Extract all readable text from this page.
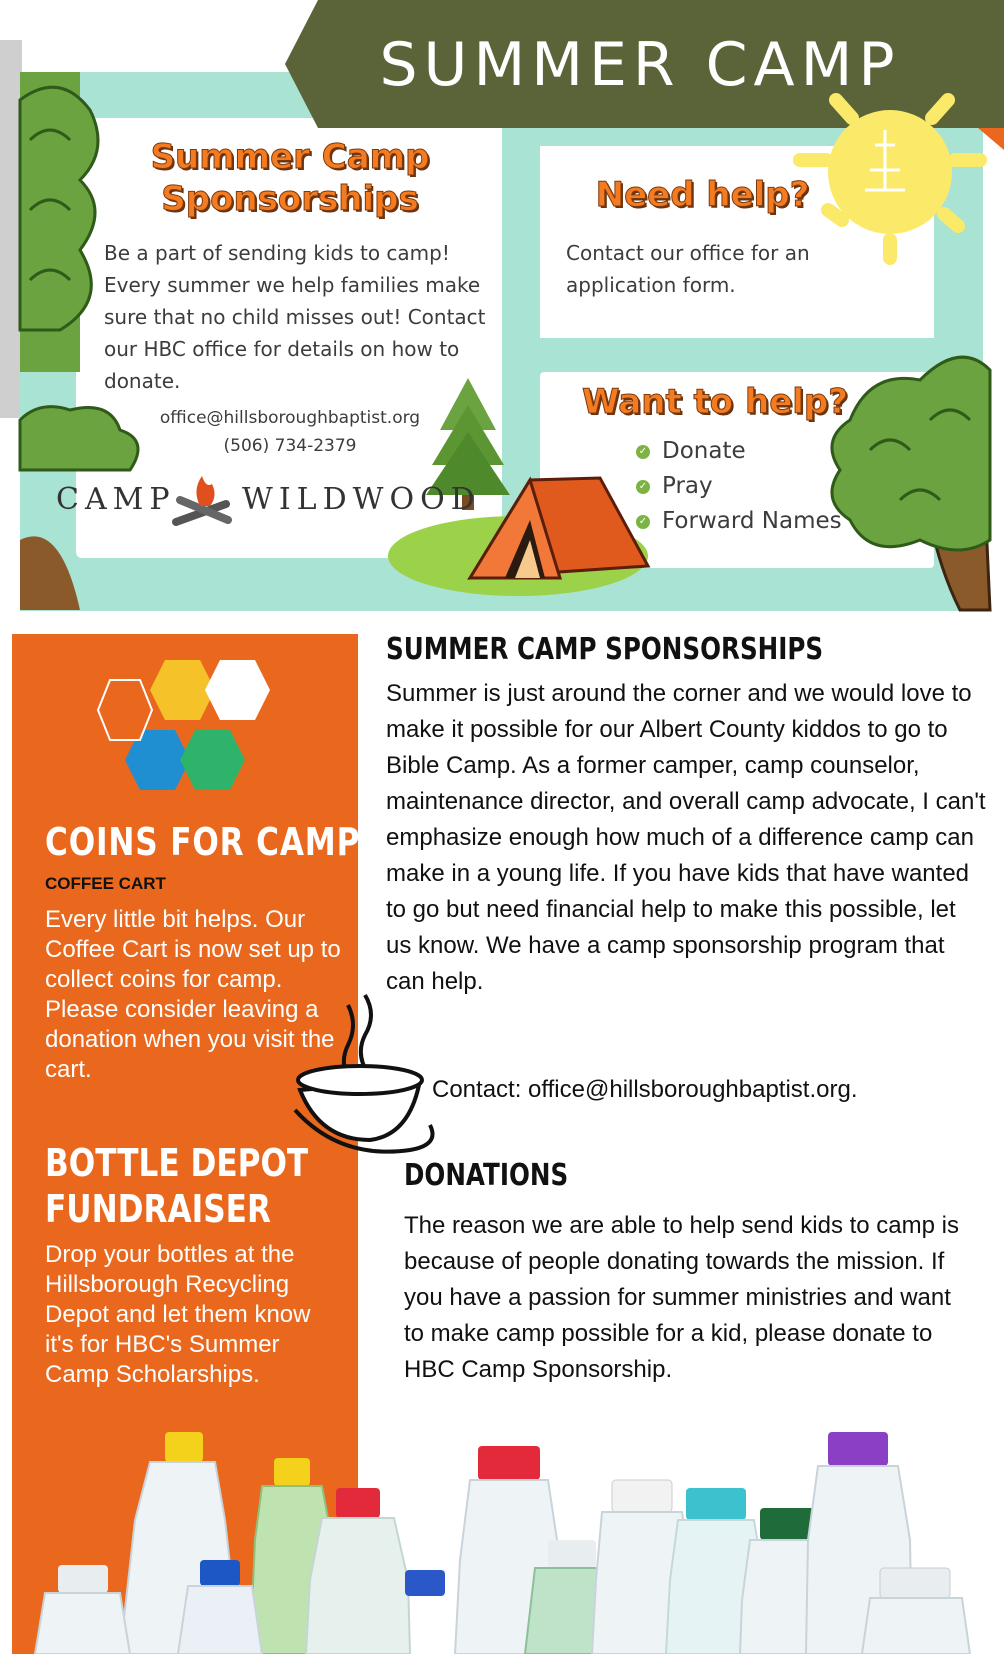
SUMMER CAMP
Summer Camp
Sponsorships
Be a part of sending kids to camp! Every summer we help families make sure that no child misses out! Contact our HBC office for details on how to donate.
office@hillsboroughbaptist.org
(506) 734-2379
Need help?
Contact our office for an application form.
Want to help?
✓ Donate
✓ Pray
✓ Forward Names
CAMP WILDWOOD
COINS FOR CAMP
COFFEE CART
Every little bit helps. Our Coffee Cart is now set up to collect coins for camp. Please consider leaving a donation when you visit the cart.
BOTTLE DEPOT
FUNDRAISER
Drop your bottles at the Hillsborough Recycling Depot and let them know it's for HBC's Summer Camp Scholarships.
SUMMER CAMP SPONSORSHIPS
Summer is just around the corner and we would love to make it possible for our Albert County kiddos to go to Bible Camp. As a former camper, camp counselor, maintenance director, and overall camp advocate, I can't emphasize enough how much of a difference camp can make in a young life. If you have kids that have wanted to go but need financial help to make this possible, let us know. We have a camp sponsorship program that can help.
Contact: office@hillsboroughbaptist.org.
DONATIONS
The reason we are able to help send kids to camp is because of people donating towards the mission. If you have a passion for summer ministries and want to make camp possible for a kid, please donate to HBC Camp Sponsorship.
